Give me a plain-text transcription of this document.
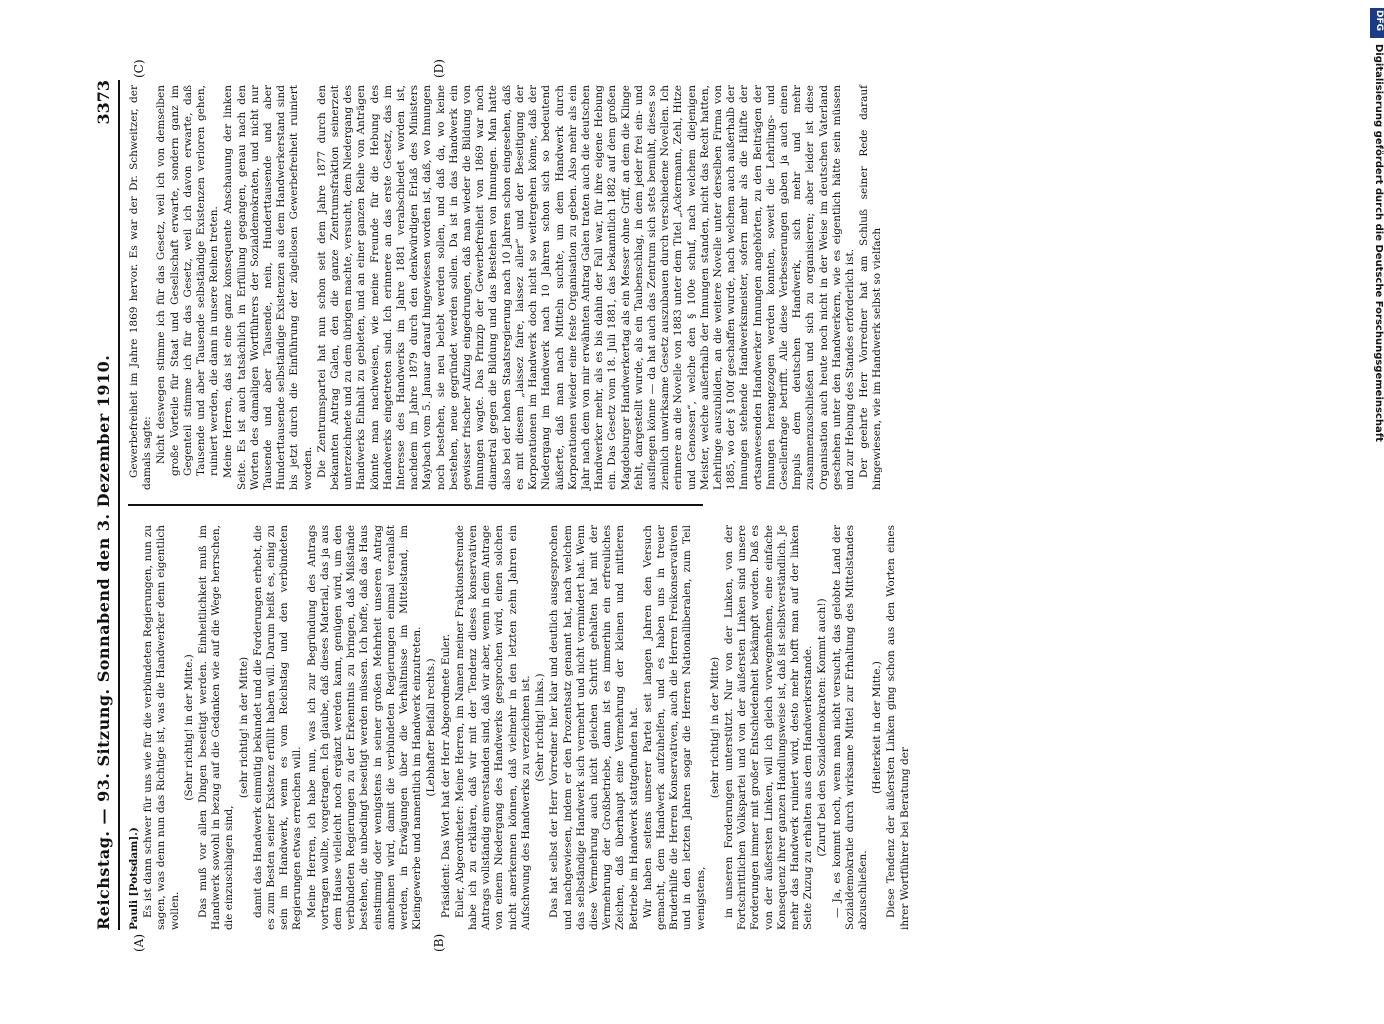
Reichstag. — 93. Sitzung. Sonnabend den 3. Dezember 1910.
3373
(A)	(B)
(C)	(D)

Pauli [Potsdam].) Es ist dann schwer für uns wie für die verbündeten Regierungen, nun zu sagen, was denn nun das Richtige ist, was die Handwerker denn eigentlich wollen.

(Sehr richtig! in der Mitte.) Das muß vor allen Dingen beseitigt werden. Einheitlichkeit muß im Handwerk sowohl in bezug auf die Gedanken wie auf die Wege herrschen, die einzuschlagen sind,

(sehr richtig! in der Mitte) damit das Handwerk einmütig bekundet und die Forderungen erhebt, die es zum Besten seiner Existenz erfüllt haben will. Darum heißt es, einig zu sein im Handwerk, wenn es vom Reichstag und den verbündeten Regierungen etwas erreichen will. Meine Herren, ich habe nun, was ich zur Begründung des Antrags vortragen wollte, vorgetragen. Ich glaube, daß dieses Material, das ja aus dem Hause vielleicht noch ergänzt werden kann, genügen wird, um den verbündeten Regierungen zu der Erkenntnis zu bringen, daß Mißstände bestehen, die unbedingt beseitigt werden müssen. Ich hoffe, daß das Haus einstimmig oder wenigstens in seiner großen Mehrheit unseren Antrag annehmen wird, damit die verbündeten Regierungen einmal veranlaßt werden, in Erwägungen über die Verhältnisse im Mittelstand, im Kleingewerbe und namentlich im Handwerk einzutreten. (Lebhafter Beifall rechts.) Präsident: Das Wort hat der Herr Abgeordnete Euler. Euler, Abgeordneter: Meine Herren, im Namen meiner Fraktionsfreunde habe ich zu erklären, daß wir mit der Tendenz dieses konservativen Antrags vollständig einverstanden sind, daß wir aber, wenn in dem Antrage von einem Niedergang des Handwerks gesprochen wird, einen solchen nicht anerkennen können, daß vielmehr in den letzten zehn Jahren ein Aufschwung des Handwerks zu verzeichnen ist. (Sehr richtig! links.) Das hat selbst der Herr Vorredner hier klar und deutlich ausgesprochen und nachgewiesen, indem er den Prozentsatz genannt hat, nach welchem das selbständige Handwerk sich vermehrt und nicht vermindert hat. Wenn diese Vermehrung auch nicht gleichen Schritt gehalten hat mit der Vermehrung der Großbetriebe, dann ist es immerhin ein erfreuliches Zeichen, daß überhaupt eine Vermehrung der kleinen und mittleren Betriebe im Handwerk stattgefunden hat. Wir haben seitens unserer Partei seit langen Jahren den Versuch gemacht, dem Handwerk aufzuhelfen, und es haben uns in treuer Bruderhilfe die Herren Konservativen, auch die Herren Freikonservativen und in den letzten Jahren sogar die Herren Nationalliberalen, zum Teil wenigstens,

(sehr richtig! in der Mitte) in unseren Forderungen unterstützt. Nur von der Linken, von der Fortschrittlichen Volkspartei und von der äußersten Linken sind unsere Forderungen immer mit großer Entschiedenheit bekämpft worden. Daß es von der äußersten Linken, will ich gleich vorwegnehmen, eine einfache Konsequenz ihrer ganzen Handlungsweise ist, daß ist selbstverständlich. Je mehr das Handwerk ruiniert wird, desto mehr hofft man auf der linken Seite Zuzug zu erhalten aus dem Handwerkerstande. (Zuruf bei den Sozialdemokraten: Kommt auch!) — Ja, es kommt noch, wenn man nicht versucht, das gelobte Land der Sozialdemokratie durch wirksame Mittel zur Erhaltung des Mittelstandes abzuschließen.

(Heiterkeit in der Mitte.) Diese Tendenz der äußersten Linken ging schon aus den Worten eines ihrer Wortführer bei Beratung der

Gewerbefreiheit im Jahre 1869 hervor. Es war der Dr. Schweitzer, der damals sagte: Nicht deswegen stimme ich für das Gesetz, weil ich von demselben große Vorteile für Staat und Gesellschaft erwarte, sondern ganz im Gegenteil stimme ich für das Gesetz, weil ich davon erwarte, daß Tausende und aber Tausende selbständige Existenzen verloren gehen, ruiniert werden, die dann in unsere Reihen treten. Meine Herren, das ist eine ganz konsequente Anschauung der linken Seite. Es ist auch tatsächlich in Erfüllung gegangen, genau nach den Worten des damaligen Wortführers der Sozialdemokraten, und nicht nur Tausende und aber Tausende, nein, Hunderttausende und aber Hunderttausende selbständige Existenzen aus dem Handwerkerstand sind bis jetzt durch die Einführung der zügellosen Gewerbefreiheit ruiniert worden. Die Zentrumspartei hat nun schon seit dem Jahre 1877 durch den bekannten Antrag Galen, den die ganze Zentrumsfraktion seinerzeit unterzeichnete und zu dem übrigen machte, versucht, dem Niedergang des Handwerks Einhalt zu gebieten, und an einer ganzen Reihe von Anträgen könnte man nachweisen, wie meine Freunde für die Hebung des Handwerks eingetreten sind. Ich erinnere an das erste Gesetz, das im Interesse des Handwerks im Jahre 1881 verabschiedet worden ist, nachdem im Jahre 1879 durch den denkwürdigen Erlaß des Ministers Maybach vom 5. Januar darauf hingewiesen worden ist, daß, wo Innungen noch bestehen, sie neu belebt werden sollen, und daß da, wo keine bestehen, neue gegründet werden sollen. Da ist in das Handwerk ein gewisser frischer Aufzug eingedrungen, daß man wieder die Bildung von Innungen wagte. Das Prinzip der Gewerbefreiheit von 1869 war noch diametral gegen die Bildung und das Bestehen von Innungen. Man hatte also bei der hohen Staatsregierung nach 10 Jahren schon eingesehen, daß es mit diesem „laissez faire, laissez aller“ und der Beseitigung der Korporationen im Handwerk doch nicht so weitergehen könne, daß der Niedergang im Handwerk nach 10 Jahren schon sich so bedeutend äußerte, daß man nach Mitteln suchte, um dem Handwerk durch Korporationen wieder eine feste Organisation zu geben. Also mehr als ein Jahr nach dem von mir erwähnten Antrag Galen traten auch die deutschen Handwerker mehr, als es bis dahin der Fall war, für ihre eigene Hebung ein. Das Gesetz vom 18. Juli 1881, das bekanntlich 1882 auf dem großen Magdeburger Handwerkertag als ein Messer ohne Griff, an dem die Klinge fehlt, dargestellt wurde, als ein Taubenschlag, in dem jeder frei ein- und ausfliegen könne — da hat auch das Zentrum sich stets bemüht, dieses so ziemlich unwirksame Gesetz auszubauen durch verschiedene Novellen. Ich erinnere an die Novelle von 1883 unter dem Titel „Ackermann, Zehl, Hitze und Genossen“, welche den § 100e schuf, nach welchem diejenigen Meister, welche außerhalb der Innungen standen, nicht das Recht hatten, Lehrlinge auszubilden, an die weitere Novelle unter derselben Firma von 1885, wo der § 100f geschaffen wurde, nach welchem auch außerhalb der Innungen stehende Handwerksmeister, sofern mehr als die Hälfte der ortsanwesenden Handwerker Innungen angehörten, zu den Beiträgen der Innungen herangezogen werden konnten, soweit die Lehrlings- und Gesellenfrage betrifft. Alle diese Verbesserungen gaben ja auch einen Impuls dem deutschen Handwerk, sich mehr und mehr zusammenzuschließen und sich zu organisieren; aber leider ist diese Organisation auch heute noch nicht in der Weise im deutschen Vaterland geschehen unter den Handwerkern, wie es eigentlich hätte sein müssen und zur Hebung des Standes erforderlich ist. Der geehrte Herr Vorredner hat am Schluß seiner Rede darauf hingewiesen, wie im Handwerk selbst so vielfach

DFG
Digitalisierung gefördert durch die Deutsche Forschungsgemeinschaft
